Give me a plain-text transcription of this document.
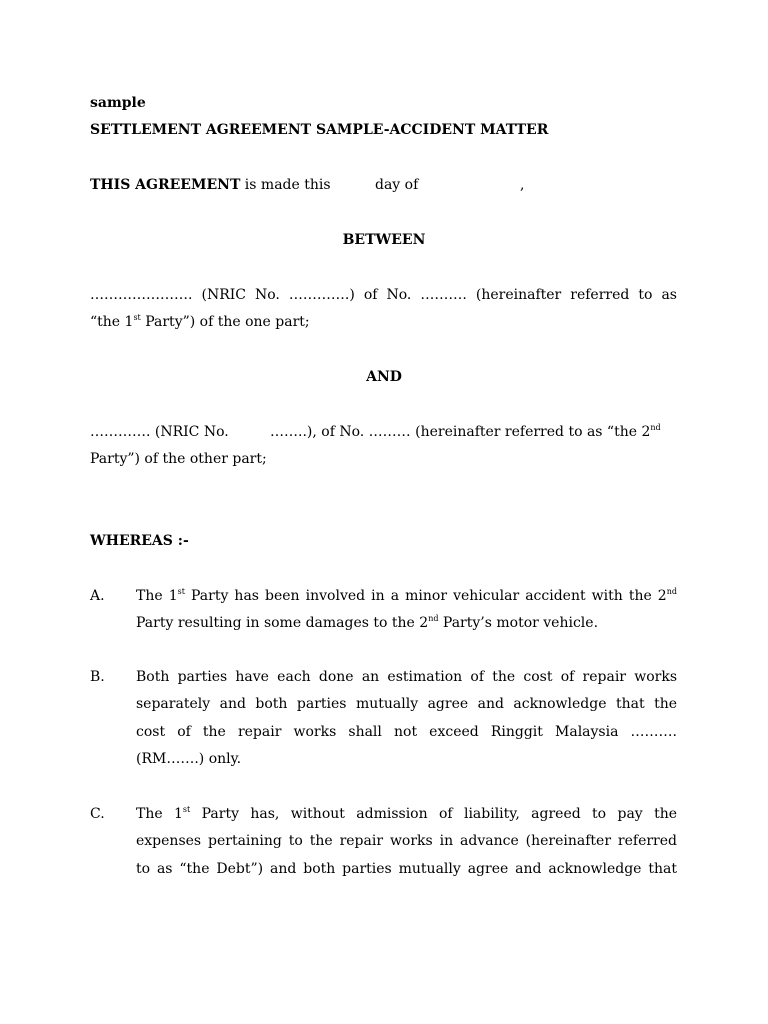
sample
SETTLEMENT AGREEMENT SAMPLE-ACCIDENT MATTER
THIS AGREEMENT is made this	day of	,
BETWEEN
…………………. (NRIC No. ………….) of No. ………. (hereinafter referred to as
“the 1st Party”) of the one part;
AND
…………. (NRIC No.	……..), of No. ……… (hereinafter referred to as “the 2nd
Party”) of the other part;
WHEREAS :-
A. The 1st Party has been involved in a minor vehicular accident with the 2nd
Party resulting in some damages to the 2nd Party’s motor vehicle.
B. Both parties have each done an estimation of the cost of repair works
separately and both parties mutually agree and acknowledge that the
cost of the repair works shall not exceed Ringgit Malaysia ……….
(RM…….) only.
C. The 1st Party has, without admission of liability, agreed to pay the
expenses pertaining to the repair works in advance (hereinafter referred
to as “the Debt”) and both parties mutually agree and acknowledge that
